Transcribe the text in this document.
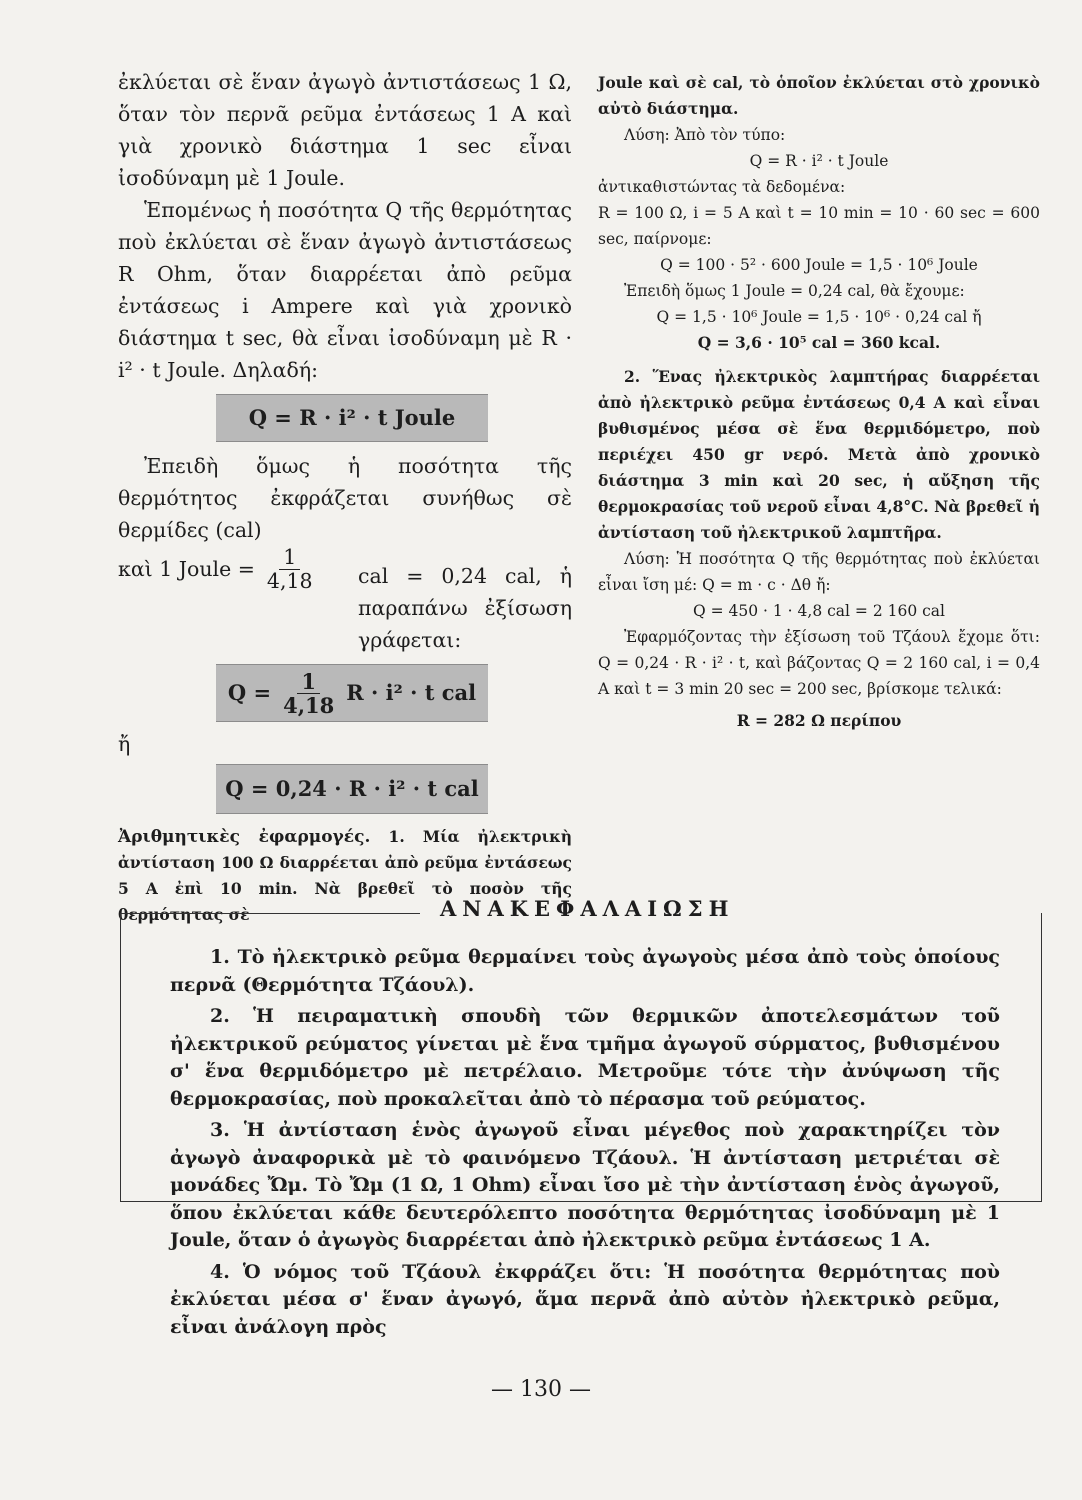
ἐκλύεται σὲ ἕναν ἀγωγὸ ἀντιστάσεως 1 Ω, ὅταν τὸν περνᾶ ρεῦμα ἐντάσεως 1 A καὶ γιὰ χρονικὸ διάστημα 1 sec εἶναι ἰσοδύναμη μὲ 1 Joule.

Ἑπομένως ἡ ποσότητα Q τῆς θερμότητας ποὺ ἐκλύεται σὲ ἕναν ἀγωγὸ ἀντιστάσεως R Ohm, ὅταν διαρρέεται ἀπὸ ρεῦμα ἐντάσεως i Ampere καὶ γιὰ χρονικὸ διάστημα t sec, θὰ εἶναι ἰσοδύναμη μὲ R · i² · t Joule. Δηλαδή:

Q = R · i² · t Joule

Ἐπειδὴ ὅμως ἡ ποσότητα τῆς θερμότητος ἐκφράζεται συνήθως σὲ θερμίδες (cal)

καὶ 1 Joule = $\frac{1}{4,18}$ cal = 0,24 cal, ἡ παραπάνω ἐξίσωση γράφεται:

$Q = \frac{1}{4,18}$ R · i² · t cal
ἤ
Q = 0,24 · R · i² · t cal

Ἀριθμητικὲς ἐφαρμογές. 1. Μία ἠλεκτρικὴ ἀντίσταση 100 Ω διαρρέεται ἀπὸ ρεῦμα ἐντάσεως 5 A ἐπὶ 10 min. Νὰ βρεθεῖ τὸ ποσὸν τῆς θερμότητας σὲ

Joule καὶ σὲ cal, τὸ ὁποῖον ἐκλύεται στὸ χρονικὸ αὐτὸ διάστημα.

Λύση: Ἀπὸ τὸν τύπο:

Q = R · i² · t Joule

ἀντικαθιστώντας τὰ δεδομένα:

R = 100 Ω, i = 5 A καὶ t = 10 min = 10 · 60 sec = 600 sec, παίρνομε:

Q = 100 · 5² · 600 Joule = 1,5 · 10⁶ Joule

Ἐπειδὴ ὅμως 1 Joule = 0,24 cal, θὰ ἔχουμε:

Q = 1,5 · 10⁶ Joule = 1,5 · 10⁶ · 0,24 cal ἤ

Q = 3,6 · 10⁵ cal = 360 kcal.

2. Ἕνας ἠλεκτρικὸς λαμπτήρας διαρρέεται ἀπὸ ἠλεκτρικὸ ρεῦμα ἐντάσεως 0,4 A καὶ εἶναι βυθισμένος μέσα σὲ ἕνα θερμιδόμετρο, ποὺ περιέχει 450 gr νερό. Μετὰ ἀπὸ χρονικὸ διάστημα 3 min καὶ 20 sec, ἡ αὔξηση τῆς θερμοκρασίας τοῦ νεροῦ εἶναι 4,8°C. Νὰ βρεθεῖ ἡ ἀντίσταση τοῦ ἠλεκτρικοῦ λαμπτῆρα.

Λύση: Ἡ ποσότητα Q τῆς θερμότητας ποὺ ἐκλύεται εἶναι ἴση μέ: Q = m · c · Δθ ἤ:

Q = 450 · 1 · 4,8 cal = 2 160 cal

Ἐφαρμόζοντας τὴν ἐξίσωση τοῦ Τζάουλ ἔχομε ὅτι: Q = 0,24 · R · i² · t, καὶ βάζοντας Q = 2 160 cal, i = 0,4 A καὶ t = 3 min 20 sec = 200 sec, βρίσκομε τελικά:

R = 282 Ω περίπου

ΑΝΑΚΕΦΑΛΑΙΩΣΗ

1. Τὸ ἠλεκτρικὸ ρεῦμα θερμαίνει τοὺς ἀγωγοὺς μέσα ἀπὸ τοὺς ὁποίους περνᾶ (Θερμότητα Τζάουλ).

2. Ἡ πειραματικὴ σπουδὴ τῶν θερμικῶν ἀποτελεσμάτων τοῦ ἠλεκτρικοῦ ρεύματος γίνεται μὲ ἕνα τμῆμα ἀγωγοῦ σύρματος, βυθισμένου σ' ἕνα θερμιδόμετρο μὲ πετρέλαιο. Μετροῦμε τότε τὴν ἀνύψωση τῆς θερμοκρασίας, ποὺ προκαλεῖται ἀπὸ τὸ πέρασμα τοῦ ρεύματος.

3. Ἡ ἀντίσταση ἑνὸς ἀγωγοῦ εἶναι μέγεθος ποὺ χαρακτηρίζει τὸν ἀγωγὸ ἀναφορικὰ μὲ τὸ φαινόμενο Τζάουλ. Ἡ ἀντίσταση μετριέται σὲ μονάδες Ὤμ. Τὸ Ὤμ (1 Ω, 1 Ohm) εἶναι ἴσο μὲ τὴν ἀντίσταση ἑνὸς ἀγωγοῦ, ὅπου ἐκλύεται κάθε δευτερόλεπτο ποσότητα θερμότητας ἰσοδύναμη μὲ 1 Joule, ὅταν ὁ ἀγωγὸς διαρρέεται ἀπὸ ἠλεκτρικὸ ρεῦμα ἐντάσεως 1 A.

4. Ὁ νόμος τοῦ Τζάουλ ἐκφράζει ὅτι: Ἡ ποσότητα θερμότητας ποὺ ἐκλύεται μέσα σ' ἕναν ἀγωγό, ἅμα περνᾶ ἀπὸ αὐτὸν ἠλεκτρικὸ ρεῦμα, εἶναι ἀνάλογη πρὸς

— 130 —
